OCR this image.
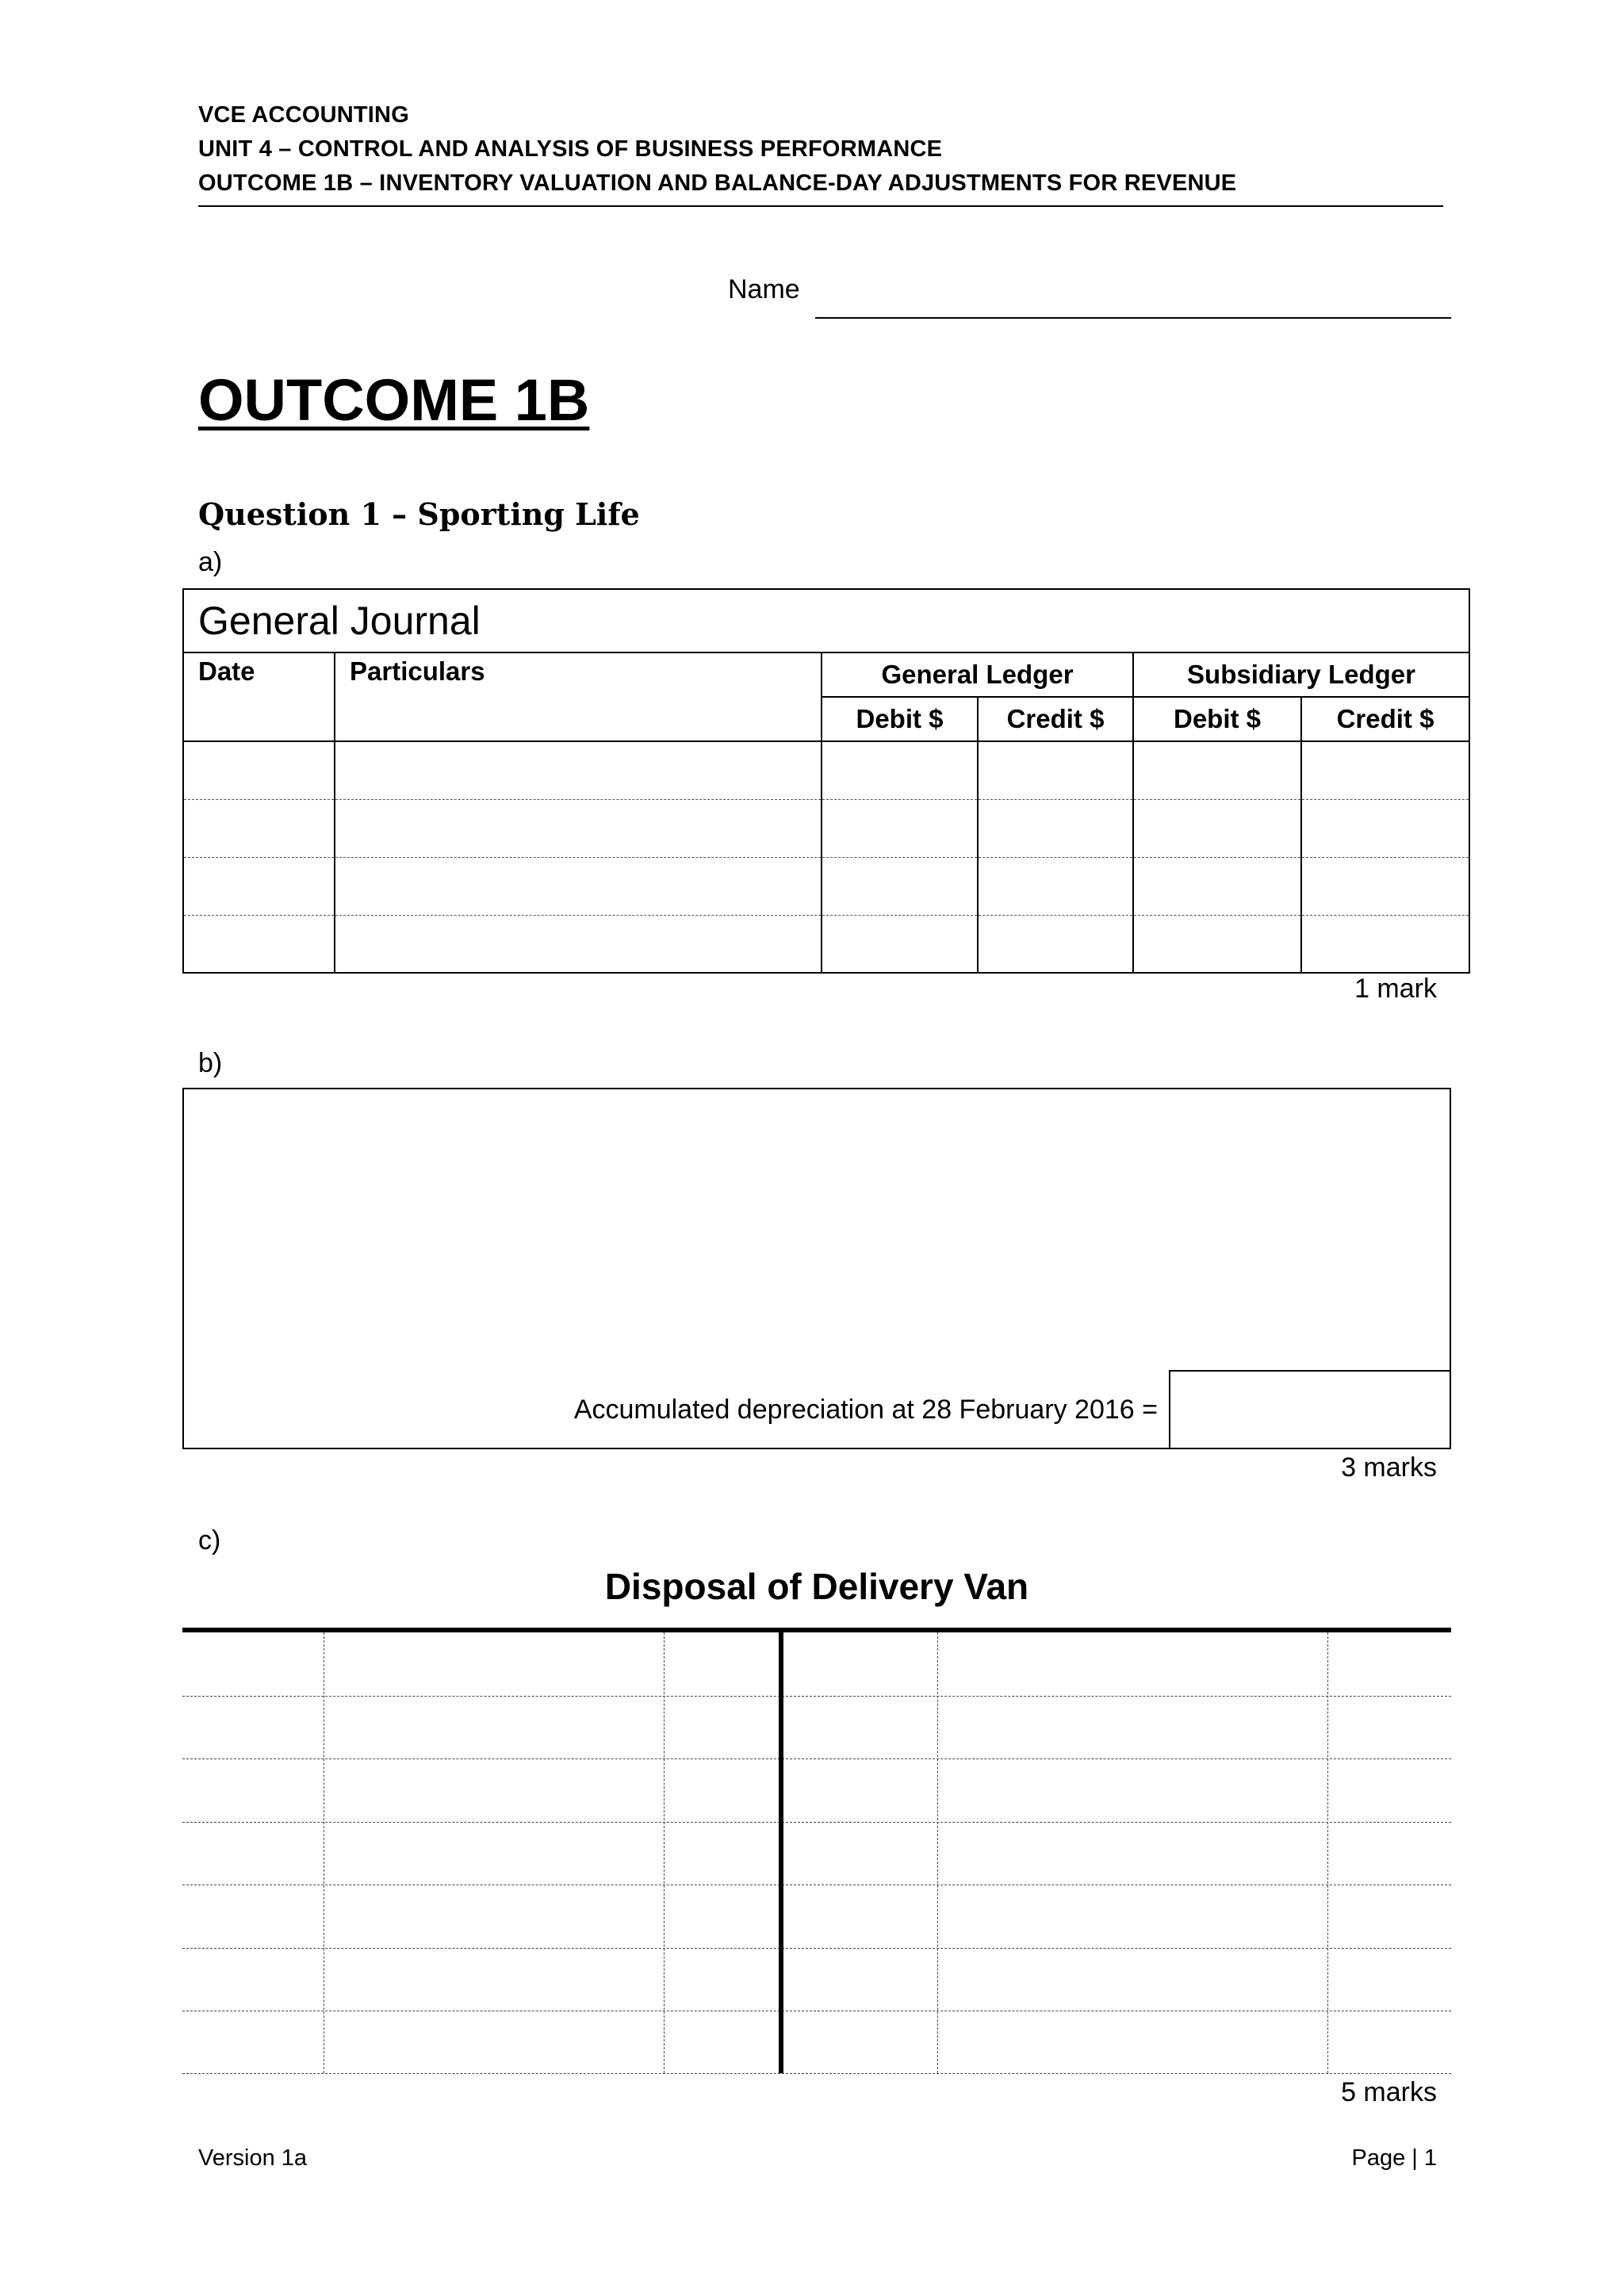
VCE ACCOUNTING
UNIT 4 – CONTROL AND ANALYSIS OF BUSINESS PERFORMANCE
OUTCOME 1B – INVENTORY VALUATION AND BALANCE-DAY ADJUSTMENTS FOR REVENUE
Name
OUTCOME 1B
Question 1 – Sporting Life
a)
General Journal					
Date	Particulars	General Ledger		Subsidiary Ledger	
		Debit $	Credit $	Debit $	Credit $

1 mark
b)
Accumulated depreciation at 28 February 2016 =
3 marks
c)
Disposal of Delivery Van
5 marks
Version 1a	Page | 1
